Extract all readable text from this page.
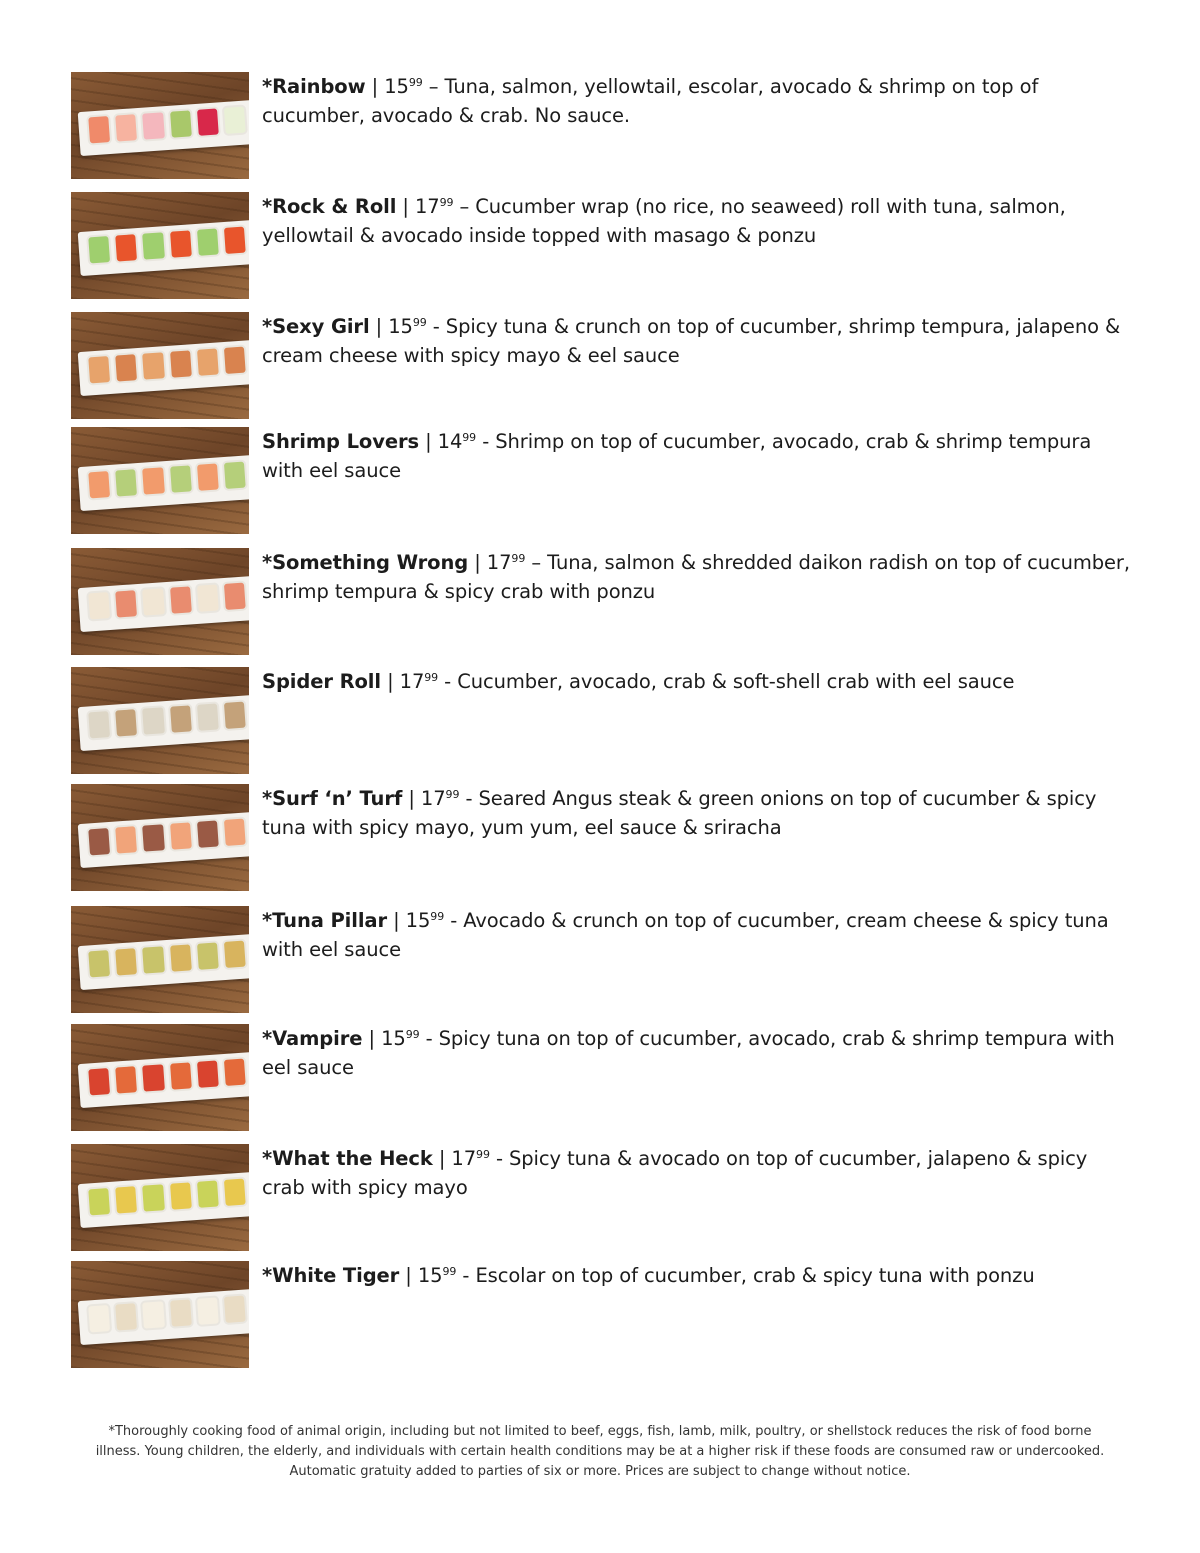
*Rainbow | $15^{99}$ – Tuna, salmon, yellowtail, escolar, avocado & shrimp on top of cucumber, avocado & crab. No sauce.
*Rock & Roll | $17^{99}$ – Cucumber wrap (no rice, no seaweed) roll with tuna, salmon, yellowtail & avocado inside topped with masago & ponzu
*Sexy Girl | $15^{99}$ - Spicy tuna & crunch on top of cucumber, shrimp tempura, jalapeno & cream cheese with spicy mayo & eel sauce
Shrimp Lovers | $14^{99}$ - Shrimp on top of cucumber, avocado, crab & shrimp tempura with eel sauce
*Something Wrong | $17^{99}$ – Tuna, salmon & shredded daikon radish on top of cucumber, shrimp tempura & spicy crab with ponzu
Spider Roll | $17^{99}$ - Cucumber, avocado, crab & soft-shell crab with eel sauce
*Surf ‘n’ Turf | $17^{99}$ - Seared Angus steak & green onions on top of cucumber & spicy tuna with spicy mayo, yum yum, eel sauce & sriracha
*Tuna Pillar | $15^{99}$ - Avocado & crunch on top of cucumber, cream cheese & spicy tuna with eel sauce
*Vampire | $15^{99}$ - Spicy tuna on top of cucumber, avocado, crab & shrimp tempura with eel sauce
*What the Heck | $17^{99}$ - Spicy tuna & avocado on top of cucumber, jalapeno & spicy crab with spicy mayo
*White Tiger | $15^{99}$ - Escolar on top of cucumber, crab & spicy tuna with ponzu
*Thoroughly cooking food of animal origin, including but not limited to beef, eggs, fish, lamb, milk, poultry, or shellstock reduces the risk of food borne
illness. Young children, the elderly, and individuals with certain health conditions may be at a higher risk if these foods are consumed raw or undercooked.
Automatic gratuity added to parties of six or more. Prices are subject to change without notice.
